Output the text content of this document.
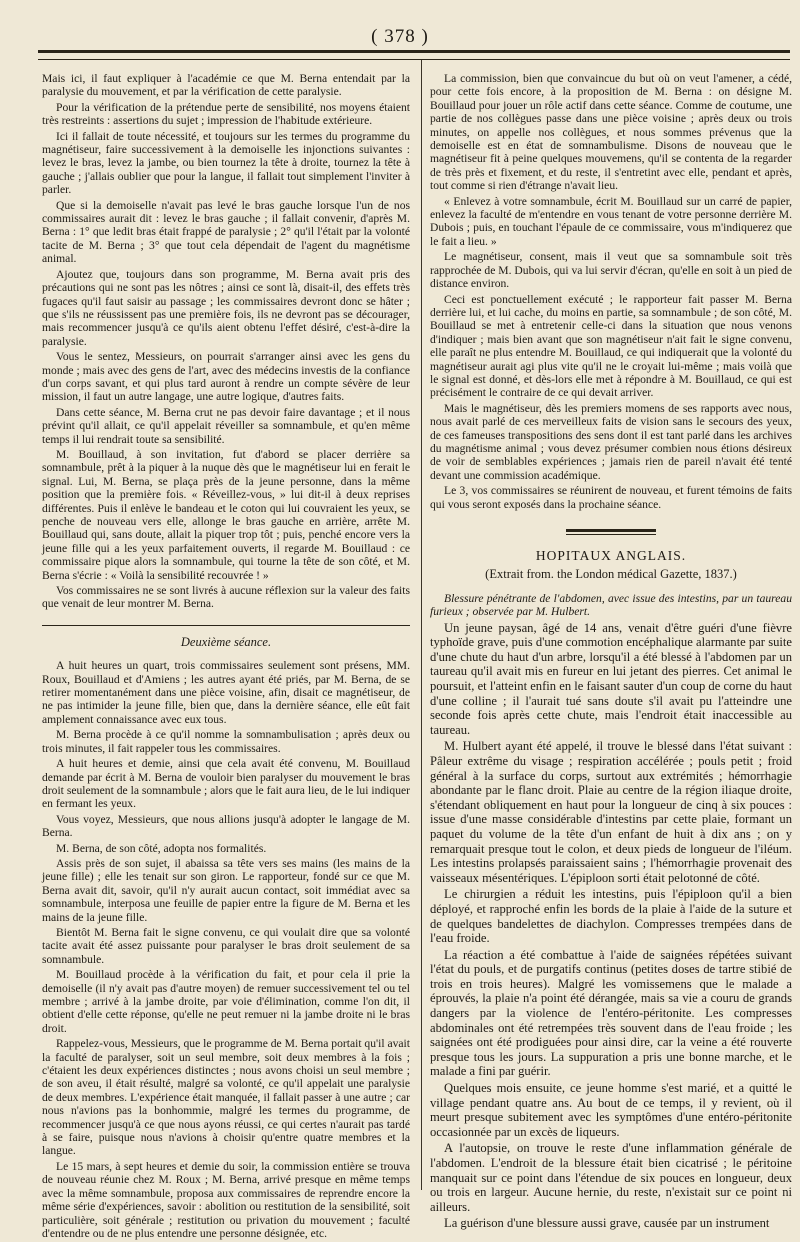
( 378 )

Mais ici, il faut expliquer à l'académie ce que M. Berna entendait par la paralysie du mouvement, et par la vérification de cette paralysie.

Pour la vérification de la prétendue perte de sensibilité, nos moyens étaient très restreints : assertions du sujet ; impression de l'habitude extérieure.

Ici il fallait de toute nécessité, et toujours sur les termes du programme du magnétiseur, faire successivement à la demoiselle les injonctions suivantes : levez le bras, levez la jambe, ou bien tournez la tête à droite, tournez la tête à gauche ; j'allais oublier que pour la langue, il fallait tout simplement l'inviter à parler.

Que si la demoiselle n'avait pas levé le bras gauche lorsque l'un de nos commissaires aurait dit : levez le bras gauche ; il fallait convenir, d'après M. Berna : 1° que ledit bras était frappé de paralysie ; 2° qu'il l'était par la volonté tacite de M. Berna ; 3° que tout cela dépendait de l'agent du magnétisme animal.

Ajoutez que, toujours dans son programme, M. Berna avait pris des précautions qui ne sont pas les nôtres ; ainsi ce sont là, disait-il, des effets très fugaces qu'il faut saisir au passage ; les commissaires devront donc se hâter ; que s'ils ne réussissent pas une première fois, ils ne devront pas se décourager, mais recommencer jusqu'à ce qu'ils aient obtenu l'effet désiré, c'est-à-dire la paralysie.

Vous le sentez, Messieurs, on pourrait s'arranger ainsi avec les gens du monde ; mais avec des gens de l'art, avec des médecins investis de la confiance d'un corps savant, et qui plus tard auront à rendre un compte sévère de leur mission, il faut un autre langage, une autre logique, d'autres faits.

Dans cette séance, M. Berna crut ne pas devoir faire davantage ; et il nous prévint qu'il allait, ce qu'il appelait réveiller sa somnambule, et qu'en même temps il lui rendrait toute sa sensibilité.

M. Bouillaud, à son invitation, fut d'abord se placer derrière sa somnambule, prêt à la piquer à la nuque dès que le magnétiseur lui en ferait le signal. Lui, M. Berna, se plaça près de la jeune personne, dans la même position que la première fois. « Réveillez-vous, » lui dit-il à deux reprises différentes. Puis il enlève le bandeau et le coton qui lui couvraient les yeux, se penche de nouveau vers elle, allonge le bras gauche en arrière, arrête M. Bouillaud qui, sans doute, allait la piquer trop tôt ; puis, penché encore vers la jeune fille qui a les yeux parfaitement ouverts, il regarde M. Bouillaud : ce commissaire pique alors la somnambule, qui tourne la tête de son côté, et M. Berna s'écrie : « Voilà la sensibilité recouvrée ! »

Vos commissaires ne se sont livrés à aucune réflexion sur la valeur des faits que venait de leur montrer M. Berna.

Deuxième séance.

A huit heures un quart, trois commissaires seulement sont présens, MM. Roux, Bouillaud et d'Amiens ; les autres ayant été priés, par M. Berna, de se retirer momentanément dans une pièce voisine, afin, disait ce magnétiseur, de ne pas intimider la jeune fille, bien que, dans la dernière séance, elle eût fait amplement connaissance avec eux tous.

M. Berna procède à ce qu'il nomme la somnambulisation ; après deux ou trois minutes, il fait rappeler tous les commissaires.

A huit heures et demie, ainsi que cela avait été convenu, M. Bouillaud demande par écrit à M. Berna de vouloir bien paralyser du mouvement le bras droit seulement de la somnambule ; alors que le fait aura lieu, de le lui indiquer en fermant les yeux.

Vous voyez, Messieurs, que nous allions jusqu'à adopter le langage de M. Berna.

M. Berna, de son côté, adopta nos formalités.

Assis près de son sujet, il abaissa sa tête vers ses mains (les mains de la jeune fille) ; elle les tenait sur son giron. Le rapporteur, fondé sur ce que M. Berna avait dit, savoir, qu'il n'y aurait aucun contact, soit immédiat avec sa somnambule, interposa une feuille de papier entre la figure de M. Berna et les mains de la jeune fille.

Bientôt M. Berna fait le signe convenu, ce qui voulait dire que sa volonté tacite avait été assez puissante pour paralyser le bras droit seulement de sa somnambule.

M. Bouillaud procède à la vérification du fait, et pour cela il prie la demoiselle (il n'y avait pas d'autre moyen) de remuer successivement tel ou tel membre ; arrivé à la jambe droite, par voie d'élimination, comme l'on dit, il obtient d'elle cette réponse, qu'elle ne peut remuer ni la jambe droite ni le bras droit.

Rappelez-vous, Messieurs, que le programme de M. Berna portait qu'il avait la faculté de paralyser, soit un seul membre, soit deux membres à la fois ; c'étaient les deux expériences distinctes ; nous avons choisi un seul membre ; de son aveu, il était résulté, malgré sa volonté, ce qu'il appelait une paralysie de deux membres. L'expérience était manquée, il fallait passer à une autre ; car nous n'avions pas la bonhommie, malgré les termes du programme, de recommencer jusqu'à ce que nous ayons réussi, ce qui certes n'aurait pas tardé à se faire, puisque nous n'avions à choisir qu'entre quatre membres et la langue.

Le 15 mars, à sept heures et demie du soir, la commission entière se trouva de nouveau réunie chez M. Roux ; M. Berna, arrivé presque en même temps avec la même somnambule, proposa aux commissaires de reprendre encore la même série d'expériences, savoir : abolition ou restitution de la sensibilité, soit particulière, soit générale ; restitution ou privation du mouvement ; faculté d'entendre ou de ne plus entendre une personne désignée, etc.

La commission, bien que convaincue du but où on veut l'amener, a cédé, pour cette fois encore, à la proposition de M. Berna : on désigne M. Bouillaud pour jouer un rôle actif dans cette séance. Comme de coutume, une partie de nos collègues passe dans une pièce voisine ; après deux ou trois minutes, on appelle nos collègues, et nous sommes prévenus que la demoiselle est en état de somnambulisme. Disons de nouveau que le magnétiseur fit à peine quelques mouvemens, qu'il se contenta de la regarder de très près et fixement, et du reste, il s'entretint avec elle, pendant et après, tout comme si rien d'étrange n'avait lieu.

« Enlevez à votre somnambule, écrit M. Bouillaud sur un carré de papier, enlevez la faculté de m'entendre en vous tenant de votre personne derrière M. Dubois ; puis, en touchant l'épaule de ce commissaire, vous m'indiquerez que le fait a lieu. »

Le magnétiseur, consent, mais il veut que sa somnambule soit très rapprochée de M. Dubois, qui va lui servir d'écran, qu'elle en soit à un pied de distance environ.

Ceci est ponctuellement exécuté ; le rapporteur fait passer M. Berna derrière lui, et lui cache, du moins en partie, sa somnambule ; de son côté, M. Bouillaud se met à entretenir celle-ci dans la situation que nous venons d'indiquer ; mais bien avant que son magnétiseur n'ait fait le signe convenu, elle paraît ne plus entendre M. Bouillaud, ce qui indiquerait que la volonté du magnétiseur aurait agi plus vite qu'il ne le croyait lui-même ; mais voilà que le signal est donné, et dès-lors elle met à répondre à M. Bouillaud, ce qui est précisément le contraire de ce qui devait arriver.

Mais le magnétiseur, dès les premiers momens de ses rapports avec nous, nous avait parlé de ces merveilleux faits de vision sans le secours des yeux, de ces fameuses transpositions des sens dont il est tant parlé dans les archives du magnétisme animal ; vous devez présumer combien nous étions désireux de voir de semblables expériences ; jamais rien de pareil n'avait été tenté devant une commission académique.

Le 3, vos commissaires se réunirent de nouveau, et furent témoins de faits qui vous seront exposés dans la prochaine séance.

HOPITAUX ANGLAIS.
(Extrait from. the London médical Gazette, 1837.)

Blessure pénétrante de l'abdomen, avec issue des intestins, par un taureau furieux ; observée par M. Hulbert.

Un jeune paysan, âgé de 14 ans, venait d'être guéri d'une fièvre typhoïde grave, puis d'une commotion encéphalique alarmante par suite d'une chute du haut d'un arbre, lorsqu'il a été blessé à l'abdomen par un taureau qu'il avait mis en fureur en lui jetant des pierres. Cet animal le poursuit, et l'atteint enfin en le faisant sauter d'un coup de corne du haut d'une colline ; il l'aurait tué sans doute s'il avait pu l'atteindre une seconde fois après cette chute, mais l'endroit était inaccessible au taureau.

M. Hulbert ayant été appelé, il trouve le blessé dans l'état suivant : Pâleur extrême du visage ; respiration accélérée ; pouls petit ; froid général à la surface du corps, surtout aux extrémités ; hémorrhagie abondante par le flanc droit. Plaie au centre de la région iliaque droite, s'étendant obliquement en haut pour la longueur de cinq à six pouces : issue d'une masse considérable d'intestins par cette plaie, formant un paquet du volume de la tête d'un enfant de huit à dix ans ; on y remarquait presque tout le colon, et deux pieds de longueur de l'iléum. Les intestins prolapsés paraissaient sains ; l'hémorrhagie provenait des vaisseaux mésentériques. L'épiploon sorti était pelotonné de côté.

Le chirurgien a réduit les intestins, puis l'épiploon qu'il a bien déployé, et rapproché enfin les bords de la plaie à l'aide de la suture et de quelques bandelettes de diachylon. Compresses trempées dans de l'eau froide.

La réaction a été combattue à l'aide de saignées répétées suivant l'état du pouls, et de purgatifs continus (petites doses de tartre stibié de trois en trois heures). Malgré les vomissemens que le malade a éprouvés, la plaie n'a point été dérangée, mais sa vie a couru de grands dangers par la violence de l'entéro-péritonite. Les compresses abdominales ont été retrempées très souvent dans de l'eau froide ; les saignées ont été prodiguées pour ainsi dire, car la veine a été rouverte presque tous les jours. La suppuration a pris une bonne marche, et le malade a fini par guérir.

Quelques mois ensuite, ce jeune homme s'est marié, et a quitté le village pendant quatre ans. Au bout de ce temps, il y revient, où il meurt presque subitement avec les symptômes d'une entéro-péritonite occasionnée par un excès de liqueurs.

A l'autopsie, on trouve le reste d'une inflammation générale de l'abdomen. L'endroit de la blessure était bien cicatrisé ; le péritoine manquait sur ce point dans l'étendue de six pouces en longueur, deux ou trois en largeur. Aucune hernie, du reste, n'existait sur ce point ni ailleurs.

La guérison d'une blessure aussi grave, causée par un instrument
